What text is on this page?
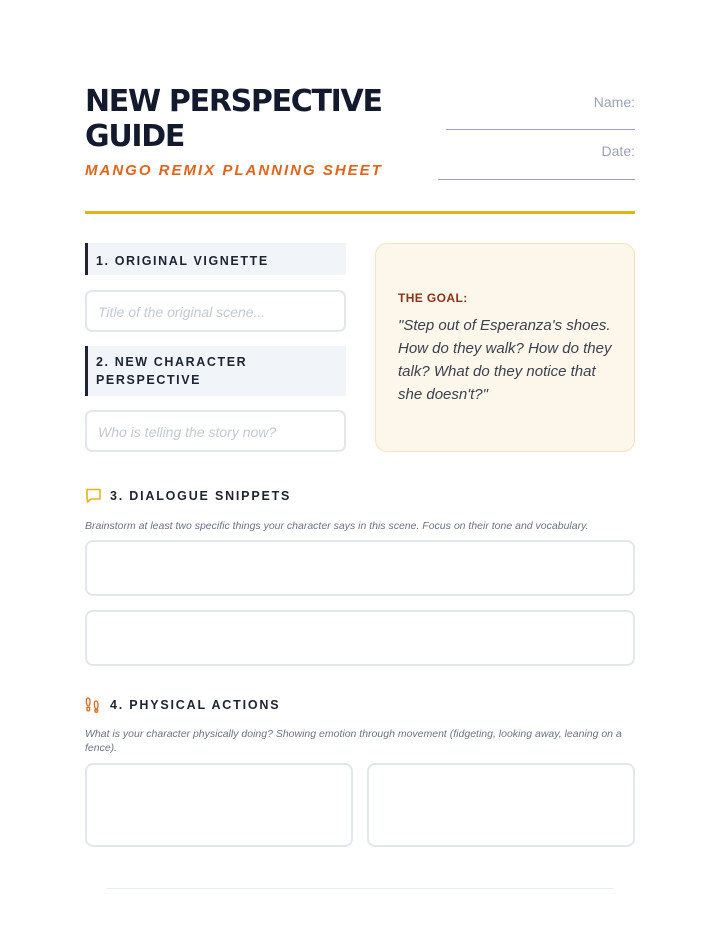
NEW PERSPECTIVE GUIDE
MANGO REMIX PLANNING SHEET
Name:
Date:
1. ORIGINAL VIGNETTE
Title of the original scene...
2. NEW CHARACTER PERSPECTIVE
Who is telling the story now?
THE GOAL:
"Step out of Esperanza's shoes. How do they walk? How do they talk? What do they notice that she doesn't?"
3. DIALOGUE SNIPPETS
Brainstorm at least two specific things your character says in this scene. Focus on their tone and vocabulary.
4. PHYSICAL ACTIONS
What is your character physically doing? Showing emotion through movement (fidgeting, looking away, leaning on a fence).
